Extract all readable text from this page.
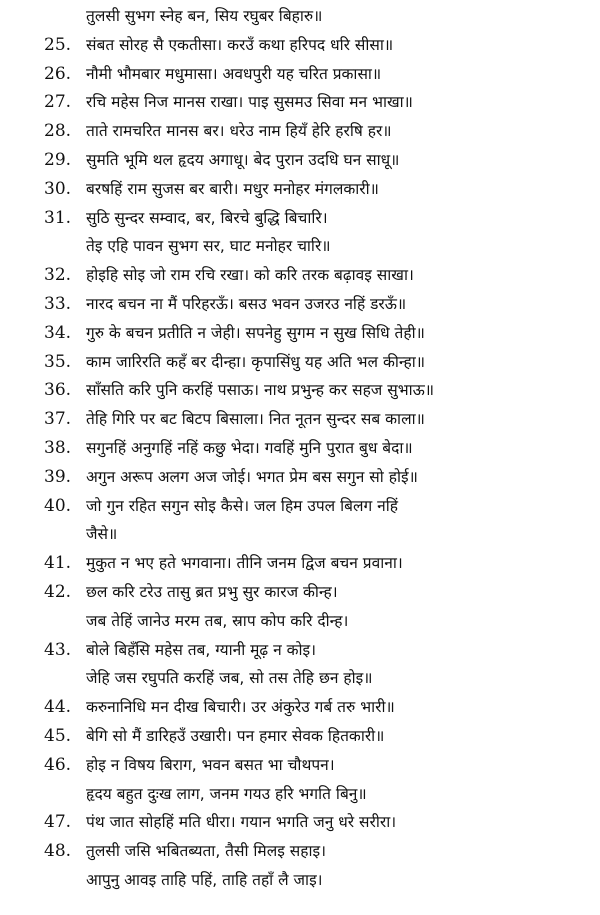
तुलसी सुभग स्नेह बन, सिय रघुबर बिहारु॥
25. संबत सोरह सै एकतीसा। करउँ कथा हरिपद धरि सीसा॥
26. नौमी भौमबार मधुमासा। अवधपुरी यह चरित प्रकासा॥
27. रचि महेस निज मानस राखा। पाइ सुसमउ सिवा मन भाखा॥
28. ताते रामचरित मानस बर। धरेउ नाम हियँ हेरि हरषि हर॥
29. सुमति भूमि थल हृदय अगाधू। बेद पुरान उदधि घन साधू॥
30. बरषहिं राम सुजस बर बारी। मधुर मनोहर मंगलकारी॥
31. सुठि सुन्दर सम्वाद, बर, बिरचे बुद्धि बिचारि।
तेइ एहि पावन सुभग सर, घाट मनोहर चारि॥
32. होइहि सोइ जो राम रचि रखा। को करि तरक बढ़ावइ साखा।
33. नारद बचन ना मैं परिहरऊँ। बसउ भवन उजरउ नहिं डरऊँ॥
34. गुरु के बचन प्रतीति न जेही। सपनेहु सुगम न सुख सिधि तेही॥
35. काम जारिरति कहँ बर दीन्हा। कृपासिंधु यह अति भल कीन्हा॥
36. साँसति करि पुनि करहिं पसाऊ। नाथ प्रभुन्ह कर सहज सुभाऊ॥
37. तेहि गिरि पर बट बिटप बिसाला। नित नूतन सुन्दर सब काला॥
38. सगुनहिं अनुगहिं नहिं कछु भेदा। गवहिं मुनि पुरात बुध बेदा॥
39. अगुन अरूप अलग अज जोई। भगत प्रेम बस सगुन सो होई॥
40. जो गुन रहित सगुन सोइ कैसे। जल हिम उपल बिलग नहिं
जैसे॥
41. मुकुत न भए हते भगवाना। तीनि जनम द्विज बचन प्रवाना।
42. छल करि टरेउ तासु ब्रत प्रभु सुर कारज कीन्ह।
जब तेहिं जानेउ मरम तब, स्राप कोप करि दीन्ह।
43. बोले बिहँसि महेस तब, ग्यानी मूढ़ न कोइ।
जेहि जस रघुपति करहिं जब, सो तस तेहि छन होइ॥
44. करुनानिधि मन दीख बिचारी। उर अंकुरेउ गर्ब तरु भारी॥
45. बेगि सो मैं डारिहउँ उखारी। पन हमार सेवक हितकारी॥
46. होइ न विषय बिराग, भवन बसत भा चौथपन।
हृदय बहुत दुःख लाग, जनम गयउ हरि भगति बिनु॥
47. पंथ जात सोहहिं मति धीरा। गयान भगति जनु धरे सरीरा।
48. तुलसी जसि भबितब्यता, तैसी मिलइ सहाइ।
आपुनु आवइ ताहि पहिं, ताहि तहाँ लै जाइ।
